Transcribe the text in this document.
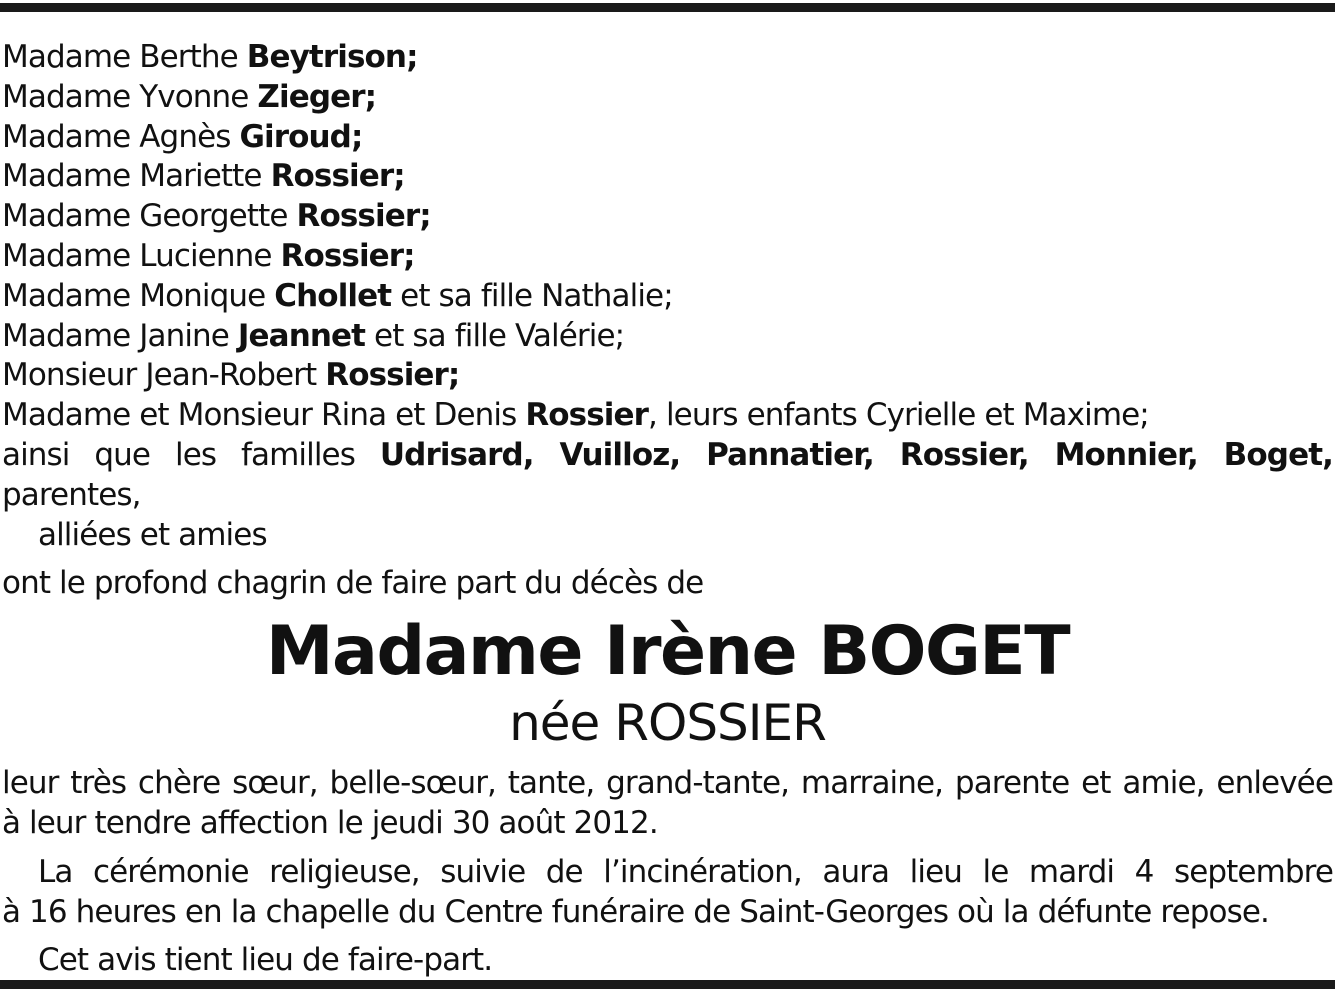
Madame Berthe Beytrison;
Madame Yvonne Zieger;
Madame Agnès Giroud;
Madame Mariette Rossier;
Madame Georgette Rossier;
Madame Lucienne Rossier;
Madame Monique Chollet et sa fille Nathalie;
Madame Janine Jeannet et sa fille Valérie;
Monsieur Jean-Robert Rossier;
Madame et Monsieur Rina et Denis Rossier, leurs enfants Cyrielle et Maxime;
ainsi que les familles Udrisard, Vuilloz, Pannatier, Rossier, Monnier, Boget, parentes,
alliées et amies
ont le profond chagrin de faire part du décès de
Madame Irène BOGET
née ROSSIER
leur très chère sœur, belle-sœur, tante, grand-tante, marraine, parente et amie, enlevée
à leur tendre affection le jeudi 30 août 2012.
La cérémonie religieuse, suivie de l’incinération, aura lieu le mardi 4 septembre
à 16 heures en la chapelle du Centre funéraire de Saint-Georges où la défunte repose.
Cet avis tient lieu de faire-part.
